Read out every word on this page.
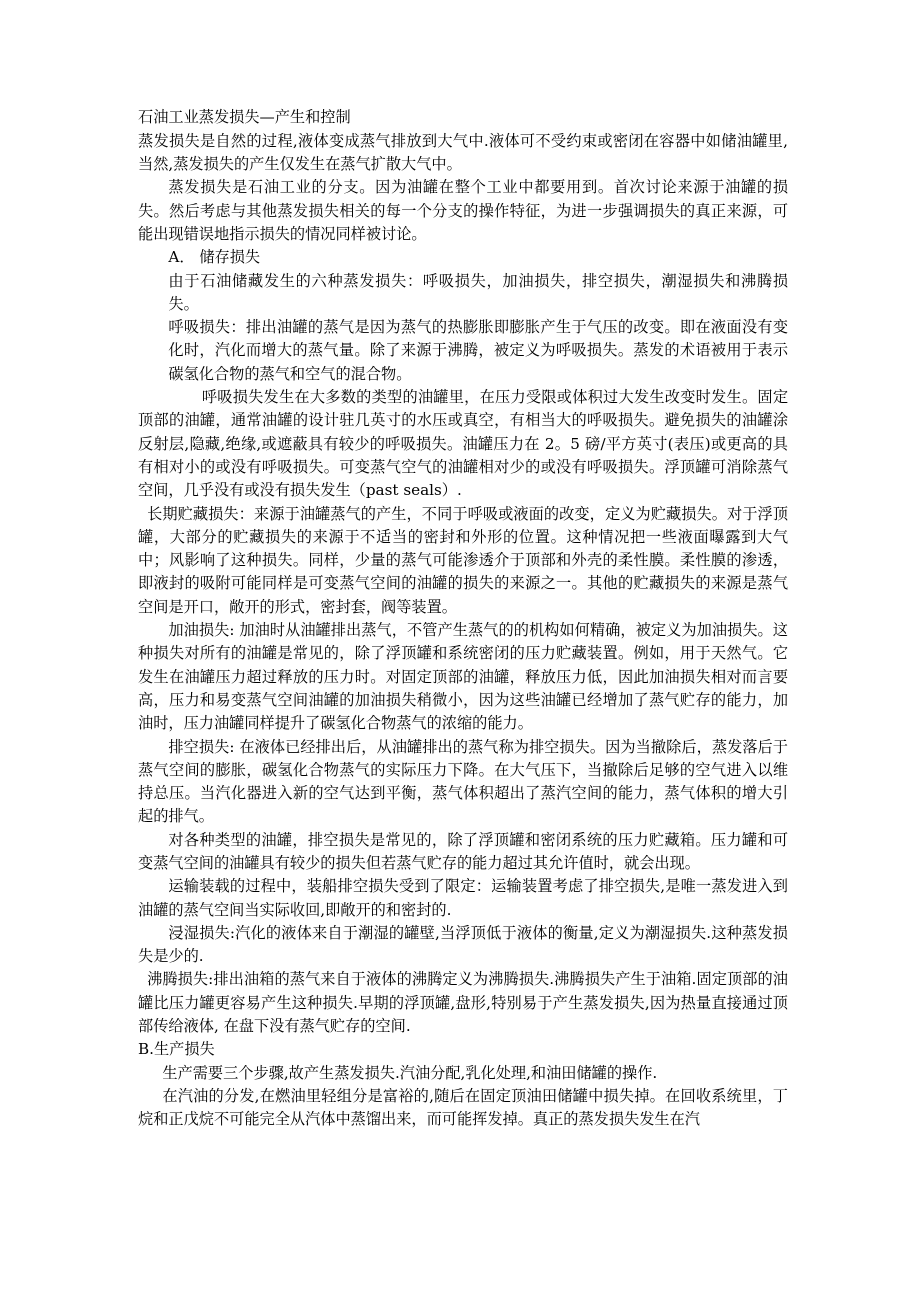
石油工业蒸发损失—产生和控制

蒸发损失是自然的过程,液体变成蒸气排放到大气中.液体可不受约束或密闭在容器中如储油罐里,当然,蒸发损失的产生仅发生在蒸气扩散大气中。

蒸发损失是石油工业的分支。因为油罐在整个工业中都要用到。首次讨论来源于油罐的损失。然后考虑与其他蒸发损失相关的每一个分支的操作特征，为进一步强调损失的真正来源，可能出现错误地指示损失的情况同样被讨论。

A． 储存损失

由于石油储藏发生的六种蒸发损失：呼吸损失，加油损失，排空损失，潮湿损失和沸腾损失。

呼吸损失：排出油罐的蒸气是因为蒸气的热膨胀即膨胀产生于气压的改变。即在液面没有变化时，汽化而增大的蒸气量。除了来源于沸腾，被定义为呼吸损失。蒸发的术语被用于表示碳氢化合物的蒸气和空气的混合物。

呼吸损失发生在大多数的类型的油罐里，在压力受限或体积过大发生改变时发生。固定顶部的油罐，通常油罐的设计驻几英寸的水压或真空，有相当大的呼吸损失。避免损失的油罐涂反射层,隐藏,绝缘,或遮蔽具有较少的呼吸损失。油罐压力在 2。5 磅/平方英寸(表压)或更高的具有相对小的或没有呼吸损失。可变蒸气空气的油罐相对少的或没有呼吸损失。浮顶罐可消除蒸气空间，几乎没有或没有损失发生（past seals）.

长期贮藏损失：来源于油罐蒸气的产生，不同于呼吸或液面的改变，定义为贮藏损失。对于浮顶罐，大部分的贮藏损失的来源于不适当的密封和外形的位置。这种情况把一些液面曝露到大气中；风影响了这种损失。同样，少量的蒸气可能渗透介于顶部和外壳的柔性膜。柔性膜的渗透，即液封的吸附可能同样是可变蒸气空间的油罐的损失的来源之一。其他的贮藏损失的来源是蒸气空间是开口，敞开的形式，密封套，阀等装置。

加油损失: 加油时从油罐排出蒸气，不管产生蒸气的的机构如何精确，被定义为加油损失。这种损失对所有的油罐是常见的，除了浮顶罐和系统密闭的压力贮藏装置。例如，用于天然气。它发生在油罐压力超过释放的压力时。对固定顶部的油罐，释放压力低，因此加油损失相对而言要高，压力和易变蒸气空间油罐的加油损失稍微小，因为这些油罐已经增加了蒸气贮存的能力，加油时，压力油罐同样提升了碳氢化合物蒸气的浓缩的能力。

排空损失: 在液体已经排出后，从油罐排出的蒸气称为排空损失。因为当撤除后，蒸发落后于蒸气空间的膨胀，碳氢化合物蒸气的实际压力下降。在大气压下，当撤除后足够的空气进入以维持总压。当汽化器进入新的空气达到平衡，蒸气体积超出了蒸汽空间的能力，蒸气体积的增大引起的排气。

对各种类型的油罐，排空损失是常见的，除了浮顶罐和密闭系统的压力贮藏箱。压力罐和可变蒸气空间的油罐具有较少的损失但若蒸气贮存的能力超过其允许值时，就会出现。

运输装载的过程中，装船排空损失受到了限定：运输装置考虑了排空损失,是唯一蒸发进入到油罐的蒸气空间当实际收回,即敞开的和密封的.

浸湿损失:汽化的液体来自于潮湿的罐壁,当浮顶低于液体的衡量,定义为潮湿损失.这种蒸发损失是少的.

沸腾损失:排出油箱的蒸气来自于液体的沸腾定义为沸腾损失.沸腾损失产生于油箱.固定顶部的油罐比压力罐更容易产生这种损失.早期的浮顶罐,盘形,特别易于产生蒸发损失,因为热量直接通过顶部传给液体, 在盘下没有蒸气贮存的空间.

B.生产损失

生产需要三个步骤,故产生蒸发损失.汽油分配,乳化处理,和油田储罐的操作.

在汽油的分发,在燃油里轻组分是富裕的,随后在固定顶油田储罐中损失掉。在回收系统里，丁烷和正戊烷不可能完全从汽体中蒸馏出来，而可能挥发掉。真正的蒸发损失发生在汽
